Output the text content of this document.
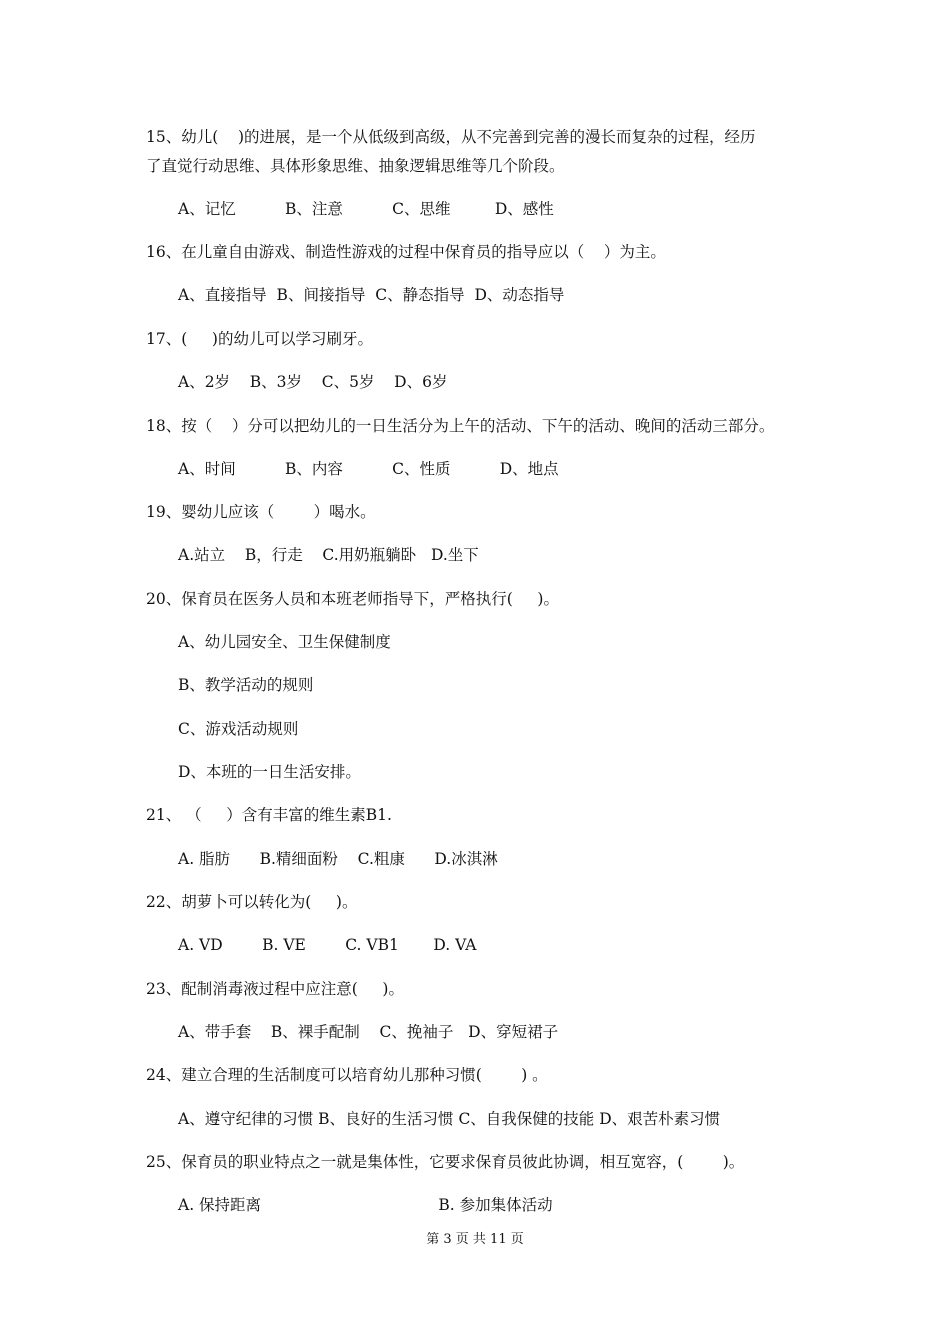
15、幼儿(    )的进展，是一个从低级到高级，从不完善到完善的漫长而复杂的过程，经历
了直觉行动思维、具体形象思维、抽象逻辑思维等几个阶段。
A、记忆          B、注意          C、思维         D、感性
16、在儿童自由游戏、制造性游戏的过程中保育员的指导应以（    ）为主。
A、直接指导  B、间接指导  C、静态指导  D、动态指导
17、(     )的幼儿可以学习刷牙。
A、2岁    B、3岁    C、5岁    D、6岁
18、按（    ）分可以把幼儿的一日生活分为上午的活动、下午的活动、晚间的活动三部分。
A、时间          B、内容          C、性质          D、地点
19、婴幼儿应该（        ）喝水。
A.站立    B，行走    C.用奶瓶躺卧   D.坐下
20、保育员在医务人员和本班老师指导下，严格执行(     )。
A、幼儿园安全、卫生保健制度
B、教学活动的规则
C、游戏活动规则
D、本班的一日生活安排。
21、 （     ）含有丰富的维生素B1.
A. 脂肪      B.精细面粉    C.粗康      D.冰淇淋
22、胡萝卜可以转化为(     )。
A. VD        B. VE        C. VB1       D. VA
23、配制消毒液过程中应注意(     )。
A、带手套    B、裸手配制    C、挽袖子   D、穿短裙子
24、建立合理的生活制度可以培育幼儿那种习惯(        ) 。
A、遵守纪律的习惯 B、良好的生活习惯 C、自我保健的技能 D、艰苦朴素习惯
25、保育员的职业特点之一就是集体性，它要求保育员彼此协调，相互宽容，(        )。
A. 保持距离                                    B. 参加集体活动
第 3 页 共 11 页
